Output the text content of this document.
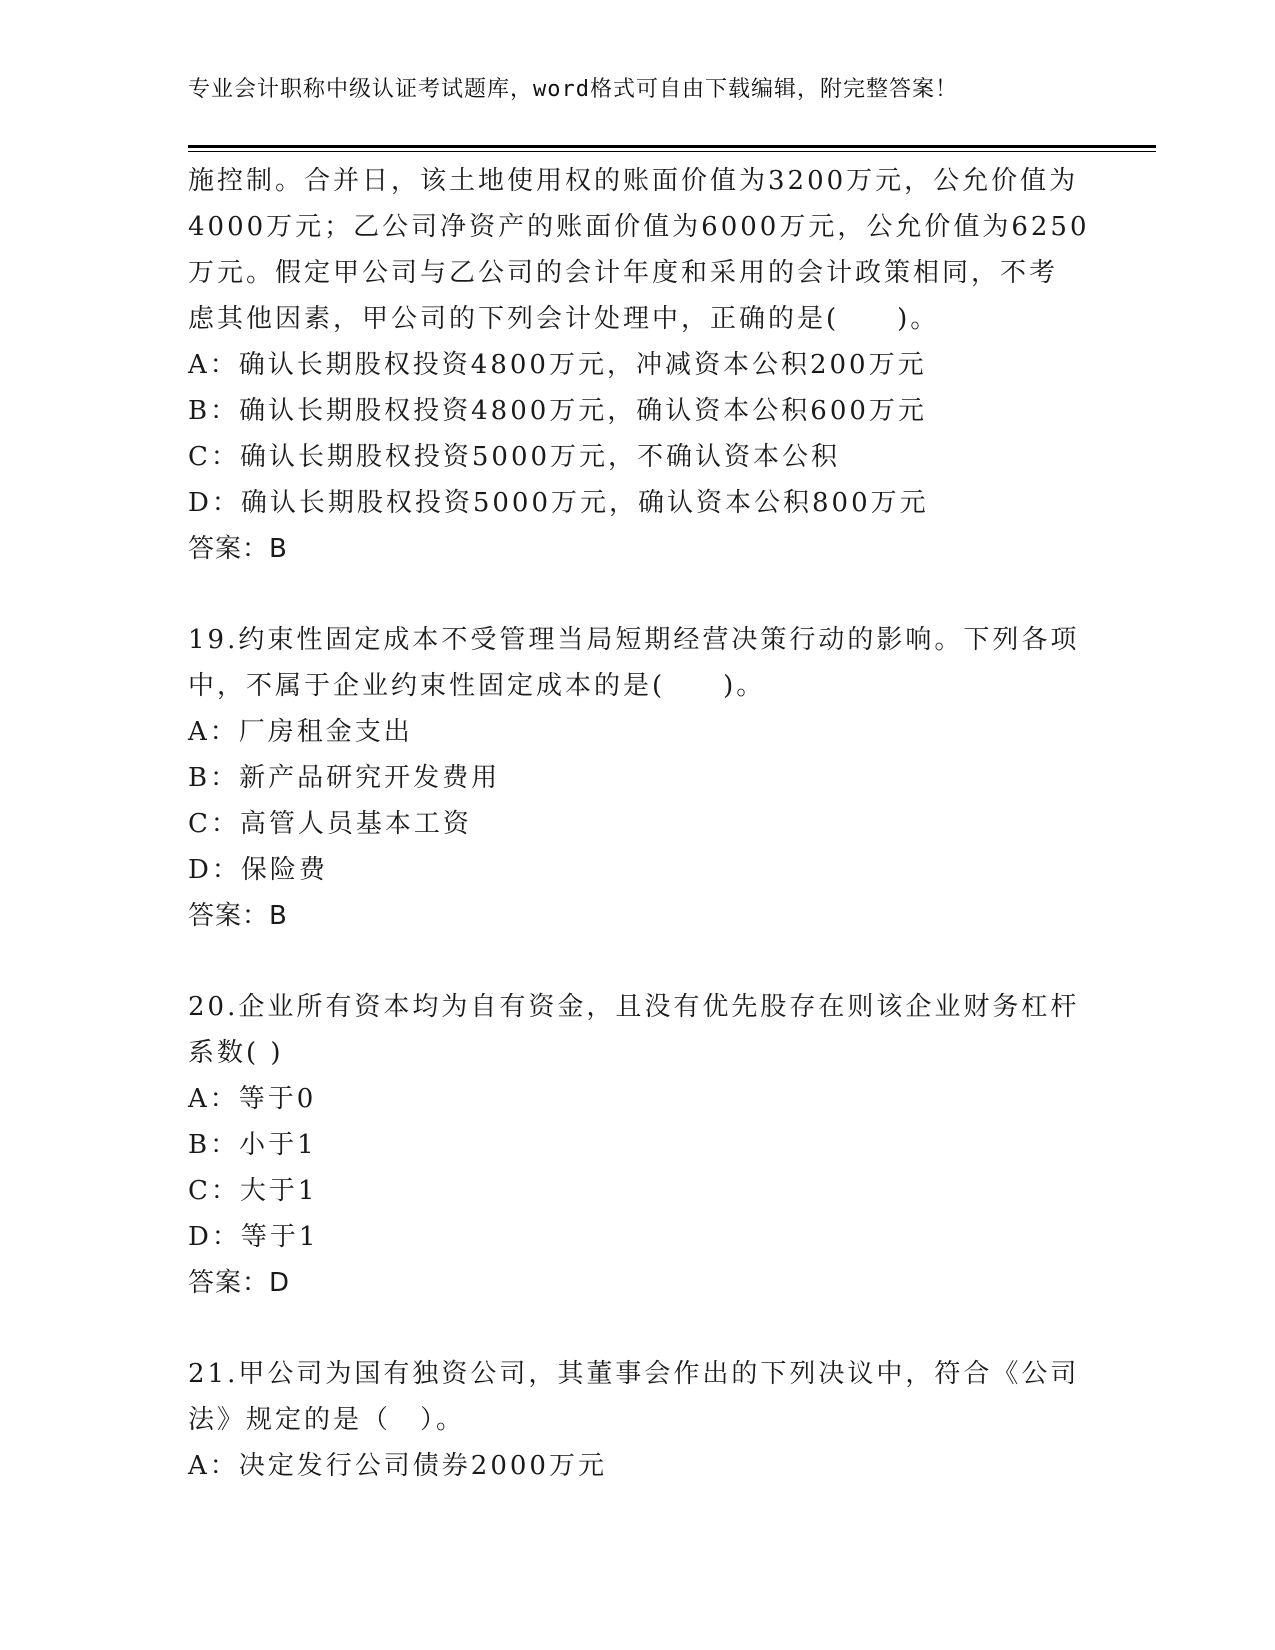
专业会计职称中级认证考试题库，word格式可自由下载编辑，附完整答案！
施控制。合并日，该土地使用权的账面价值为3200万元，公允价值为
4000万元；乙公司净资产的账面价值为6000万元，公允价值为6250
万元。假定甲公司与乙公司的会计年度和采用的会计政策相同，不考
虑其他因素，甲公司的下列会计处理中，正确的是(　　)。
A：确认长期股权投资4800万元，冲减资本公积200万元
B：确认长期股权投资4800万元，确认资本公积600万元
C：确认长期股权投资5000万元，不确认资本公积
D：确认长期股权投资5000万元，确认资本公积800万元
答案：B
19.约束性固定成本不受管理当局短期经营决策行动的影响。下列各项
中，不属于企业约束性固定成本的是(　　)。
A：厂房租金支出
B：新产品研究开发费用
C：高管人员基本工资
D：保险费
答案：B
20.企业所有资本均为自有资金，且没有优先股存在则该企业财务杠杆
系数( )
A：等于0
B：小于1
C：大于1
D：等于1
答案：D
21.甲公司为国有独资公司，其董事会作出的下列决议中，符合《公司
法》规定的是（　）。
A：决定发行公司债券2000万元
